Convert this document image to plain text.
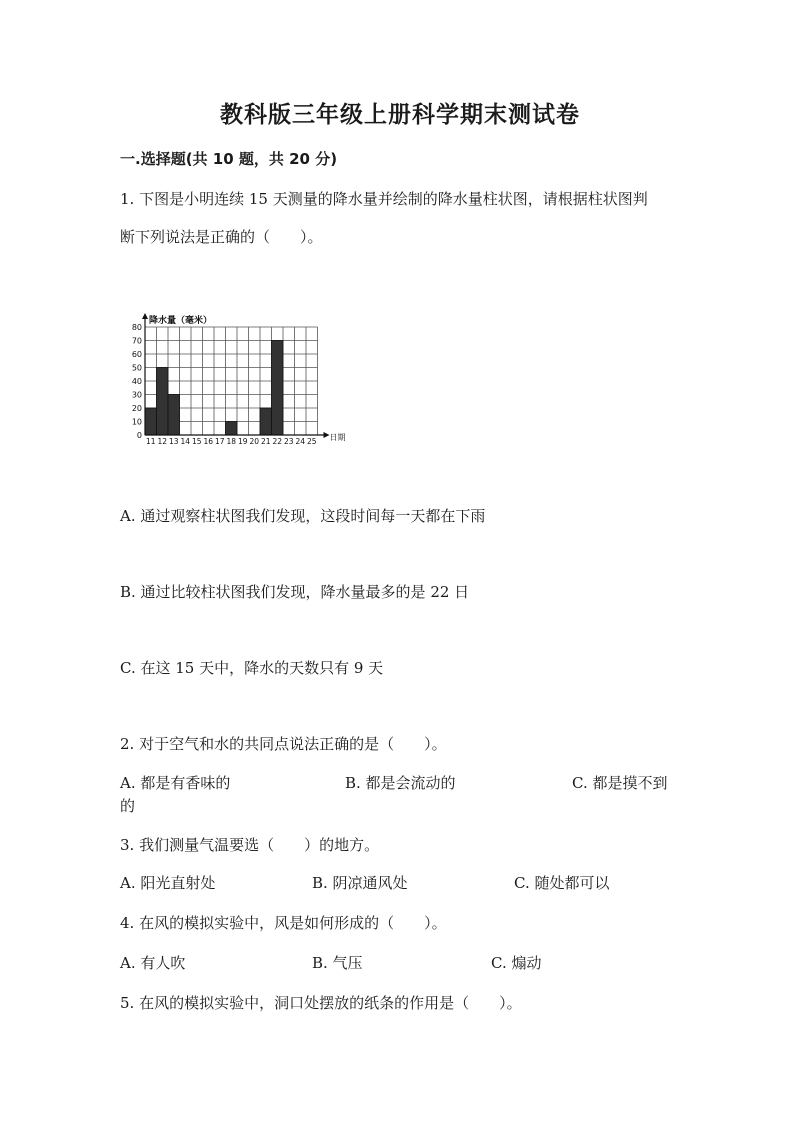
教科版三年级上册科学期末测试卷
一.选择题(共 10 题，共 20 分)
1. 下图是小明连续 15 天测量的降水量并绘制的降水量柱状图，请根据柱状图判
断下列说法是正确的（　　）。
0
10
20
30
40
50
60
70
80
11 12 13 14 15 16 17 18 19 20 21 22 23 24 25
降水量（毫米）
日期
A. 通过观察柱状图我们发现，这段时间每一天都在下雨
B. 通过比较柱状图我们发现，降水量最多的是 22 日
C. 在这 15 天中，降水的天数只有 9 天
2. 对于空气和水的共同点说法正确的是（　　）。
A. 都是有香味的	B. 都是会流动的	C. 都是摸不到
的
3. 我们测量气温要选（　　）的地方。
A. 阳光直射处	B. 阴凉通风处	C. 随处都可以
4. 在风的模拟实验中，风是如何形成的（　　）。
A. 有人吹	B. 气压	C. 煽动
5. 在风的模拟实验中，洞口处摆放的纸条的作用是（　　）。
